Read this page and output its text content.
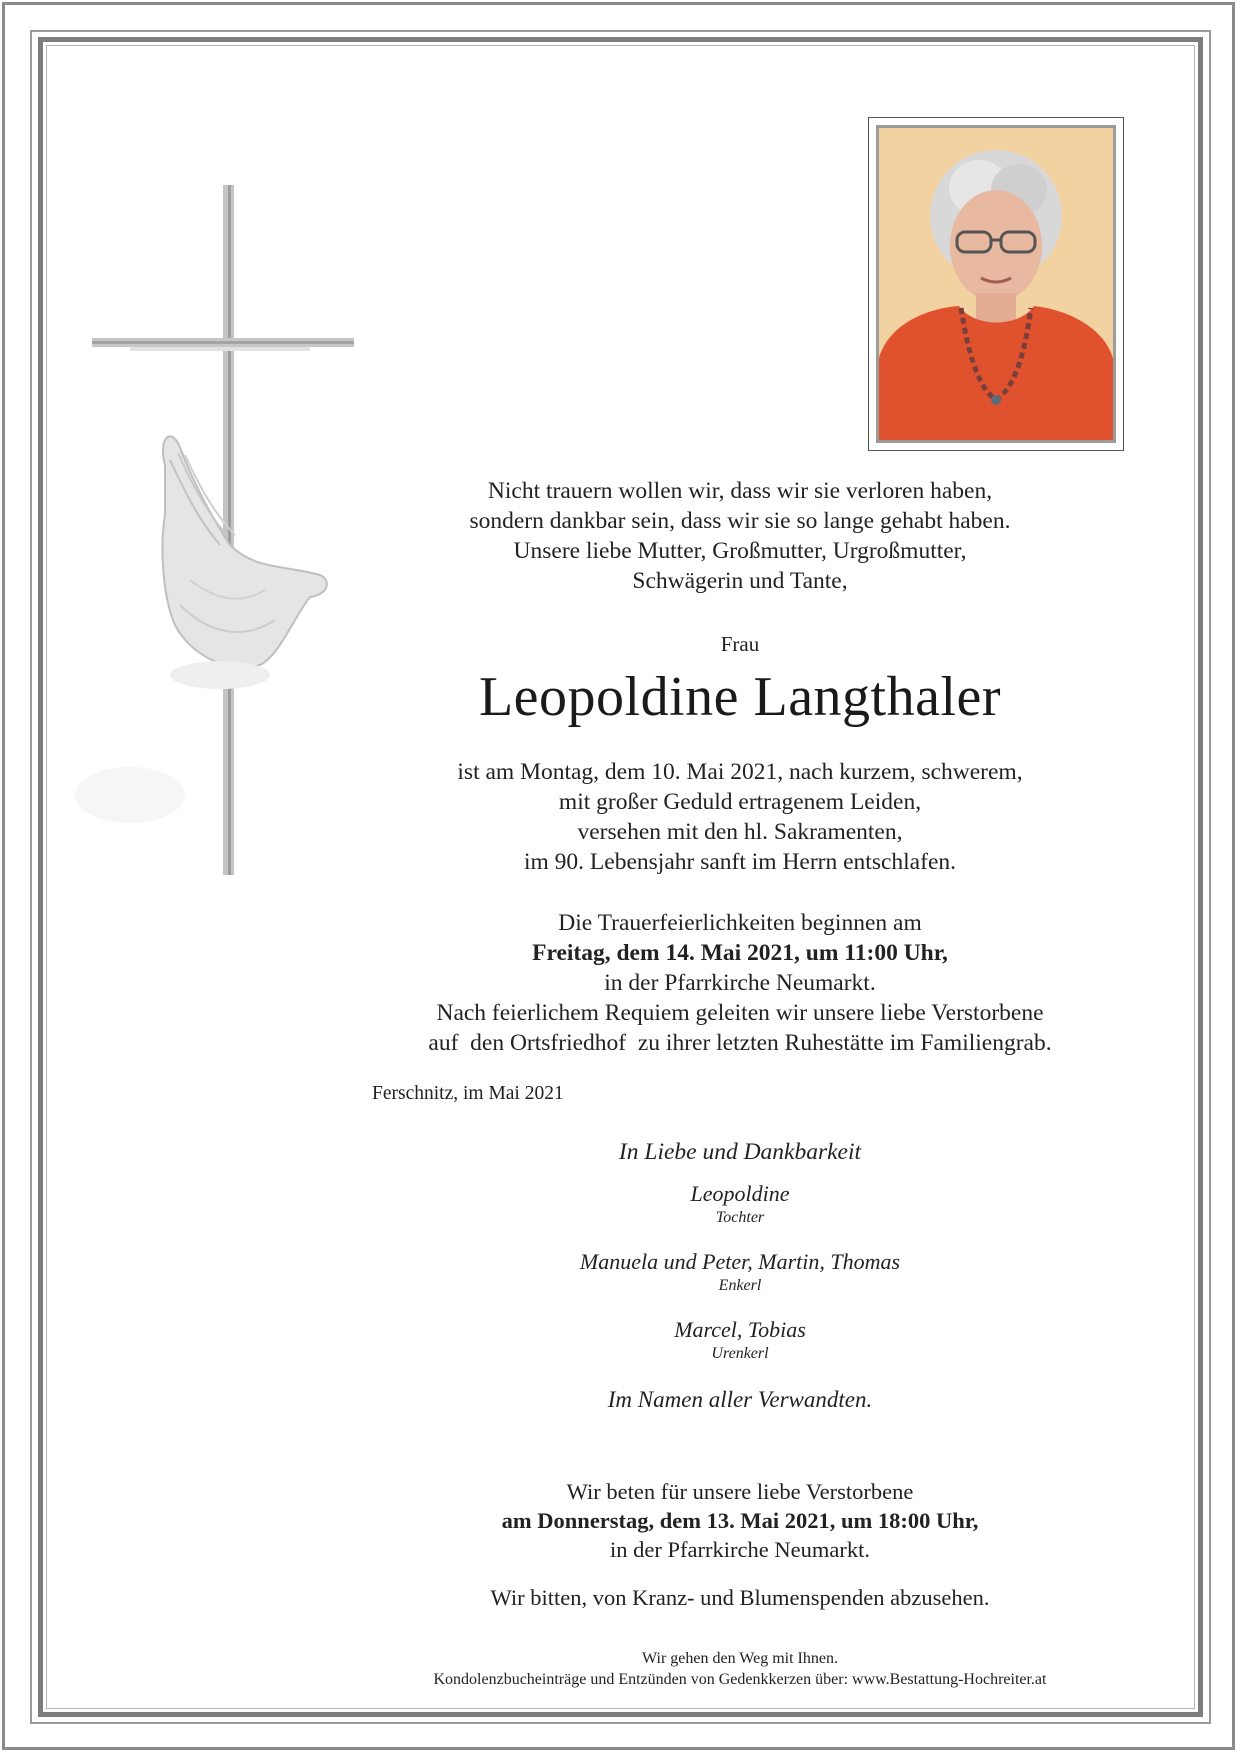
Nicht trauern wollen wir, dass wir sie verloren haben,
sondern dankbar sein, dass wir sie so lange gehabt haben.
Unsere liebe Mutter, Großmutter, Urgroßmutter,
Schwägerin und Tante,
Frau
Leopoldine Langthaler
ist am Montag, dem 10. Mai 2021, nach kurzem, schwerem,
mit großer Geduld ertragenem Leiden,
versehen mit den hl. Sakramenten,
im 90. Lebensjahr sanft im Herrn entschlafen.
Die Trauerfeierlichkeiten beginnen am
Freitag, dem 14. Mai 2021, um 11:00 Uhr,
in der Pfarrkirche Neumarkt.
Nach feierlichem Requiem geleiten wir unsere liebe Verstorbene
auf  den Ortsfriedhof  zu ihrer letzten Ruhestätte im Familiengrab.
Ferschnitz, im Mai 2021
In Liebe und Dankbarkeit
Leopoldine
Tochter
Manuela und Peter, Martin, Thomas
Enkerl
Marcel, Tobias
Urenkerl
Im Namen aller Verwandten.
Wir beten für unsere liebe Verstorbene
am Donnerstag, dem 13. Mai 2021, um 18:00 Uhr,
in der Pfarrkirche Neumarkt.
Wir bitten, von Kranz- und Blumenspenden abzusehen.
Wir gehen den Weg mit Ihnen.
Kondolenzbucheinträge und Entzünden von Gedenkkerzen über: www.Bestattung-Hochreiter.at
